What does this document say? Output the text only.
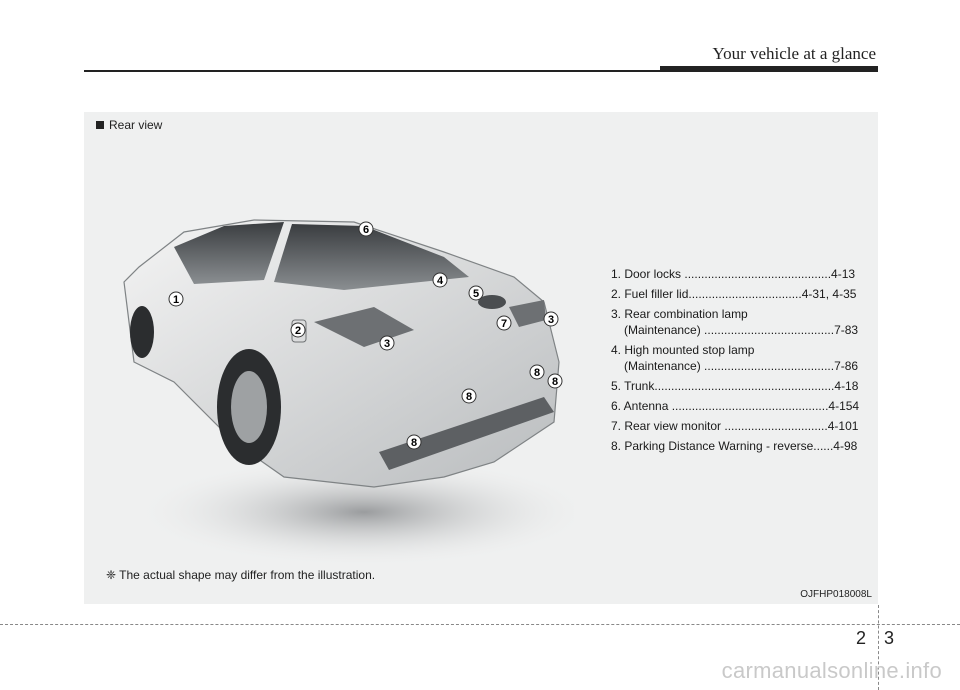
Your vehicle at a glance
Rear view
1
2
3
3
4
5
6
7
8
8
8
8
1. Door locks ............................................4-13
2. Fuel filler lid..................................4-31, 4-35
3. Rear combination lamp
(Maintenance) .......................................7-83
4. High mounted stop lamp
(Maintenance) .......................................7-86
5. Trunk......................................................4-18
6. Antenna ...............................................4-154
7. Rear view monitor ...............................4-101
8. Parking Distance Warning - reverse......4-98
❈ The actual shape may differ from the illustration.
OJFHP018008L
2 3
carmanualsonline.info
